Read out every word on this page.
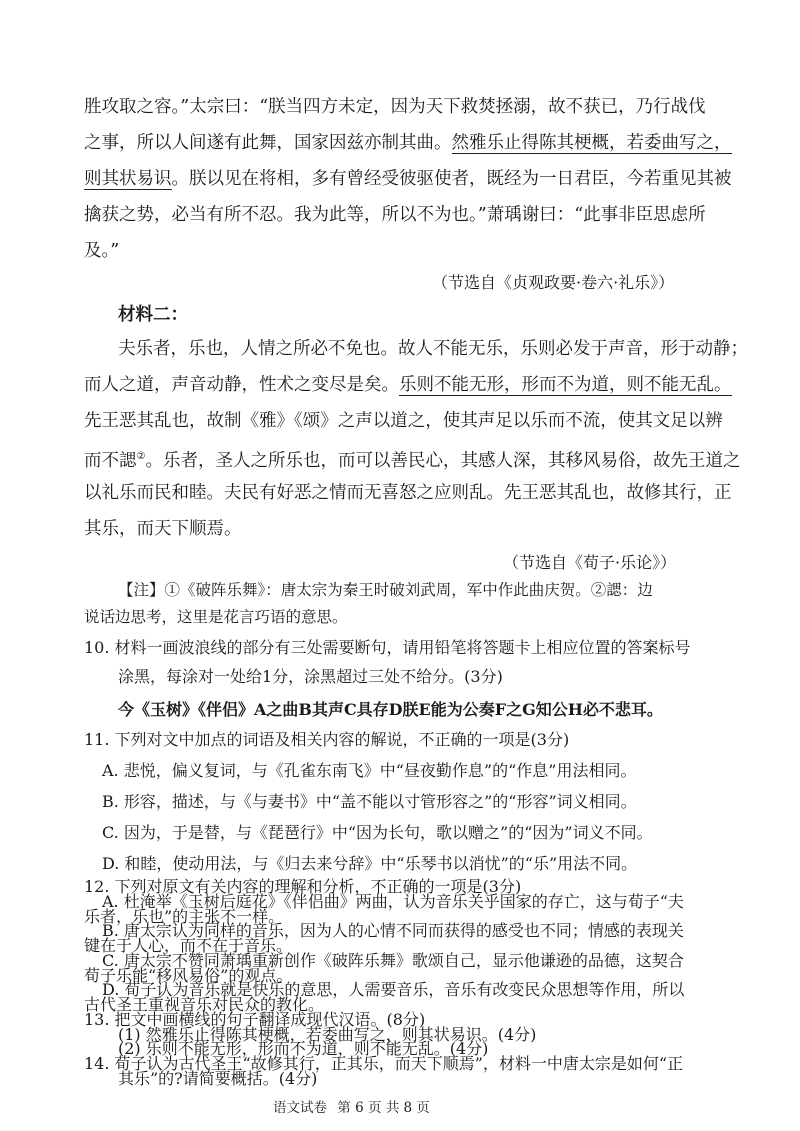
胜攻取之容。”太宗曰：“朕当四方未定，因为天下救焚拯溺，故不获已，乃行战伐
之事，所以人间遂有此舞，国家因兹亦制其曲。然雅乐止得陈其梗概，若委曲写之，
则其状易识。朕以见在将相，多有曾经受彼驱使者，既经为一日君臣，今若重见其被
擒获之势，必当有所不忍。我为此等，所以不为也。”萧瑀谢曰：“此事非臣思虑所
及。”
（节选自《贞观政要·卷六·礼乐》）
材料二：
夫乐者，乐也，人情之所必不免也。故人不能无乐，乐则必发于声音，形于动静；
而人之道，声音动静，性术之变尽是矣。乐则不能无形，形而不为道，则不能无乱。
先王恶其乱也，故制《雅》《颂》之声以道之，使其声足以乐而不流，使其文足以辨
而不諰②。乐者，圣人之所乐也，而可以善民心，其感人深，其移风易俗，故先王道之
以礼乐而民和睦。夫民有好恶之情而无喜怒之应则乱。先王恶其乱也，故修其行，正
其乐，而天下顺焉。
（节选自《荀子·乐论》）
【注】①《破阵乐舞》：唐太宗为秦王时破刘武周，军中作此曲庆贺。②諰：边
说话边思考，这里是花言巧语的意思。
10. 材料一画波浪线的部分有三处需要断句，请用铅笔将答题卡上相应位置的答案标号
涂黑，每涂对一处给1分，涂黑超过三处不给分。(3分)
今《玉树》《伴侣》A之曲B其声C具存D朕E能为公奏F之G知公H必不悲耳。
11. 下列对文中加点的词语及相关内容的解说，不正确的一项是(3分)
A. 悲悦，偏义复词，与《孔雀东南飞》中“昼夜勤作息”的“作息”用法相同。
B. 形容，描述，与《与妻书》中“盖不能以寸管形容之”的“形容”词义相同。
C. 因为，于是替，与《琵琶行》中“因为长句，歌以赠之”的“因为”词义不同。
D. 和睦，使动用法，与《归去来兮辞》中“乐琴书以消忧”的“乐”用法不同。
12. 下列对原文有关内容的理解和分析，不正确的一项是(3分)
A. 杜淹举《玉树后庭花》《伴侣曲》两曲，认为音乐关乎国家的存亡，这与荀子“夫
乐者，乐也”的主张不一样。
B. 唐太宗认为同样的音乐，因为人的心情不同而获得的感受也不同；情感的表现关
键在于人心，而不在于音乐。
C. 唐太宗不赞同萧瑀重新创作《破阵乐舞》歌颂自己，显示他谦逊的品德，这契合
荀子乐能“移风易俗”的观点。
D. 荀子认为音乐就是快乐的意思，人需要音乐，音乐有改变民众思想等作用，所以
古代圣王重视音乐对民众的教化。
13. 把文中画横线的句子翻译成现代汉语。(8分)
(1) 然雅乐止得陈其梗概，若委曲写之，则其状易识。(4分)
(2) 乐则不能无形，形而不为道，则不能无乱。(4分)
14. 荀子认为古代圣王“故修其行，正其乐，而天下顺焉”，材料一中唐太宗是如何“正
其乐”的?请简要概括。(4分)
语文试卷 第 6 页 共 8 页
